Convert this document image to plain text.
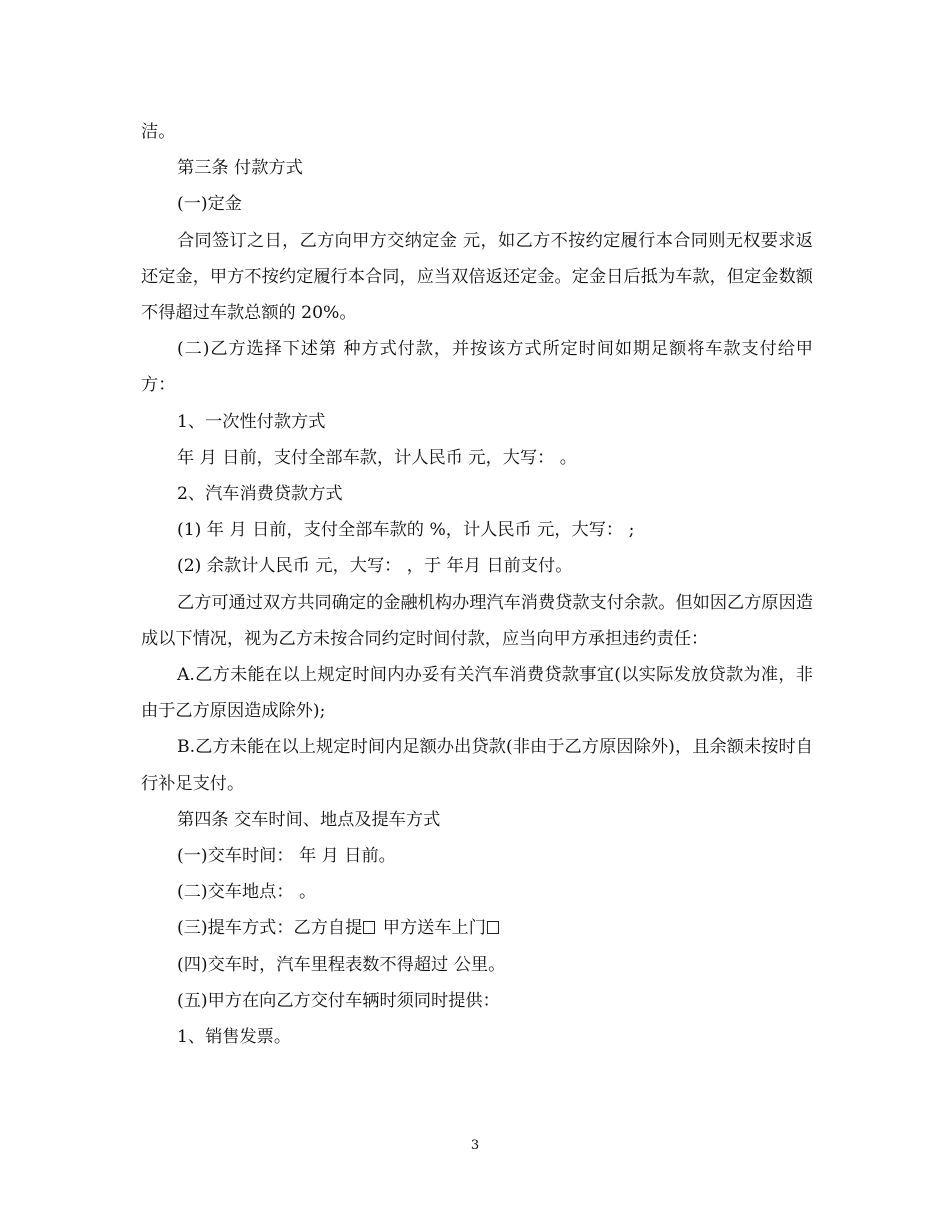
洁。

第三条 付款方式

(一)定金

合同签订之日，乙方向甲方交纳定金 元，如乙方不按约定履行本合同则无权要求返还定金，甲方不按约定履行本合同，应当双倍返还定金。定金日后抵为车款，但定金数额不得超过车款总额的 20%。

(二)乙方选择下述第 种方式付款，并按该方式所定时间如期足额将车款支付给甲方：

1、一次性付款方式

年 月 日前，支付全部车款，计人民币 元，大写： 。

2、汽车消费贷款方式

(1) 年 月 日前，支付全部车款的 %，计人民币 元，大写： ;

(2) 余款计人民币 元，大写： ，于 年月 日前支付。

乙方可通过双方共同确定的金融机构办理汽车消费贷款支付余款。但如因乙方原因造成以下情况，视为乙方未按合同约定时间付款，应当向甲方承担违约责任：

A.乙方未能在以上规定时间内办妥有关汽车消费贷款事宜(以实际发放贷款为准，非由于乙方原因造成除外);

B.乙方未能在以上规定时间内足额办出贷款(非由于乙方原因除外)，且余额未按时自行补足支付。

第四条 交车时间、地点及提车方式

(一)交车时间： 年 月 日前。

(二)交车地点： 。

(三)提车方式：乙方自提 甲方送车上门

(四)交车时，汽车里程表数不得超过 公里。

(五)甲方在向乙方交付车辆时须同时提供：

1、销售发票。

3
